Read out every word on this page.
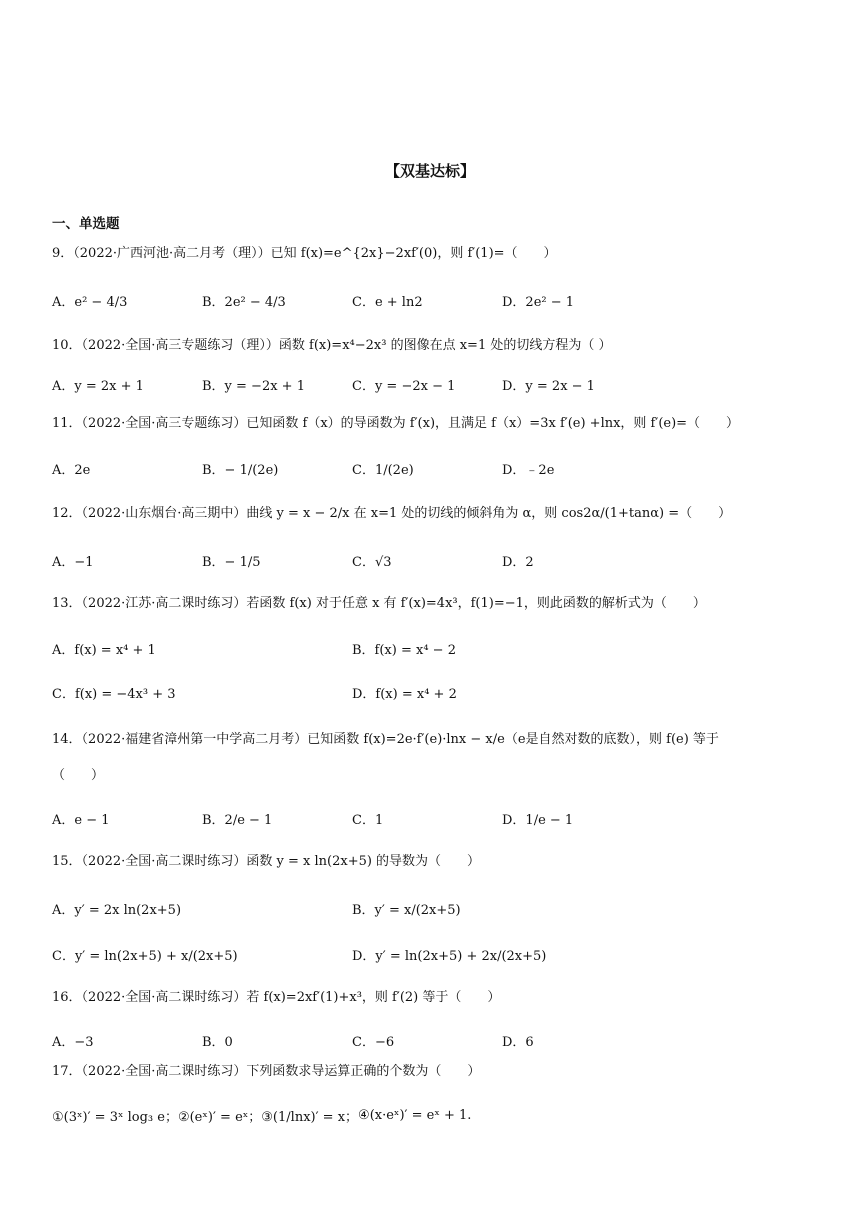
【双基达标】
一、单选题
9．（2022·广西河池·高二月考（理））已知 f(x)=e^{2x}−2xf′(0)，则 f′(1)=（　　）
A．e² − 4/3	B．2e² − 4/3	C．e + ln2	D．2e² − 1
10．（2022·全国·高三专题练习（理））函数 f(x)=x⁴−2x³ 的图像在点 x=1 处的切线方程为（ ）
A．y = 2x + 1	B．y = −2x + 1	C．y = −2x − 1	D．y = 2x − 1
11．（2022·全国·高三专题练习）已知函数 f（x）的导函数为 f′(x)，且满足 f（x）=3x f′(e) +lnx，则 f′(e)=（　　）
A．2e	B．− 1/(2e)	C．1/(2e)	D．﹣2e
12．（2022·山东烟台·高三期中）曲线 y = x − 2/x 在 x=1 处的切线的倾斜角为 α，则 cos2α/(1+tanα) =（　　）
A．−1	B．− 1/5	C．√3	D．2
13．（2022·江苏·高二课时练习）若函数 f(x) 对于任意 x 有 f′(x)=4x³，f(1)=−1，则此函数的解析式为（　　）
A．f(x) = x⁴ + 1	B．f(x) = x⁴ − 2
C．f(x) = −4x³ + 3	D．f(x) = x⁴ + 2
14．（2022·福建省漳州第一中学高二月考）已知函数 f(x)=2e·f′(e)·lnx − x/e（e是自然对数的底数），则 f(e) 等于
（　　）
A．e − 1	B．2/e − 1	C．1	D．1/e − 1
15．（2022·全国·高二课时练习）函数 y = x ln(2x+5) 的导数为（　　）
A．y′ = 2x ln(2x+5)	B．y′ = x/(2x+5)
C．y′ = ln(2x+5) + x/(2x+5)	D．y′ = ln(2x+5) + 2x/(2x+5)
16．（2022·全国·高二课时练习）若 f(x)=2xf′(1)+x³，则 f′(2) 等于（　　）
A．−3	B．0	C．−6	D．6
17．（2022·全国·高二课时练习）下列函数求导运算正确的个数为（　　）
①(3ˣ)′ = 3ˣ log₃ e； ②(eˣ)′ = eˣ； ③(1/lnx)′ = x； ④(x·eˣ)′ = eˣ + 1.
